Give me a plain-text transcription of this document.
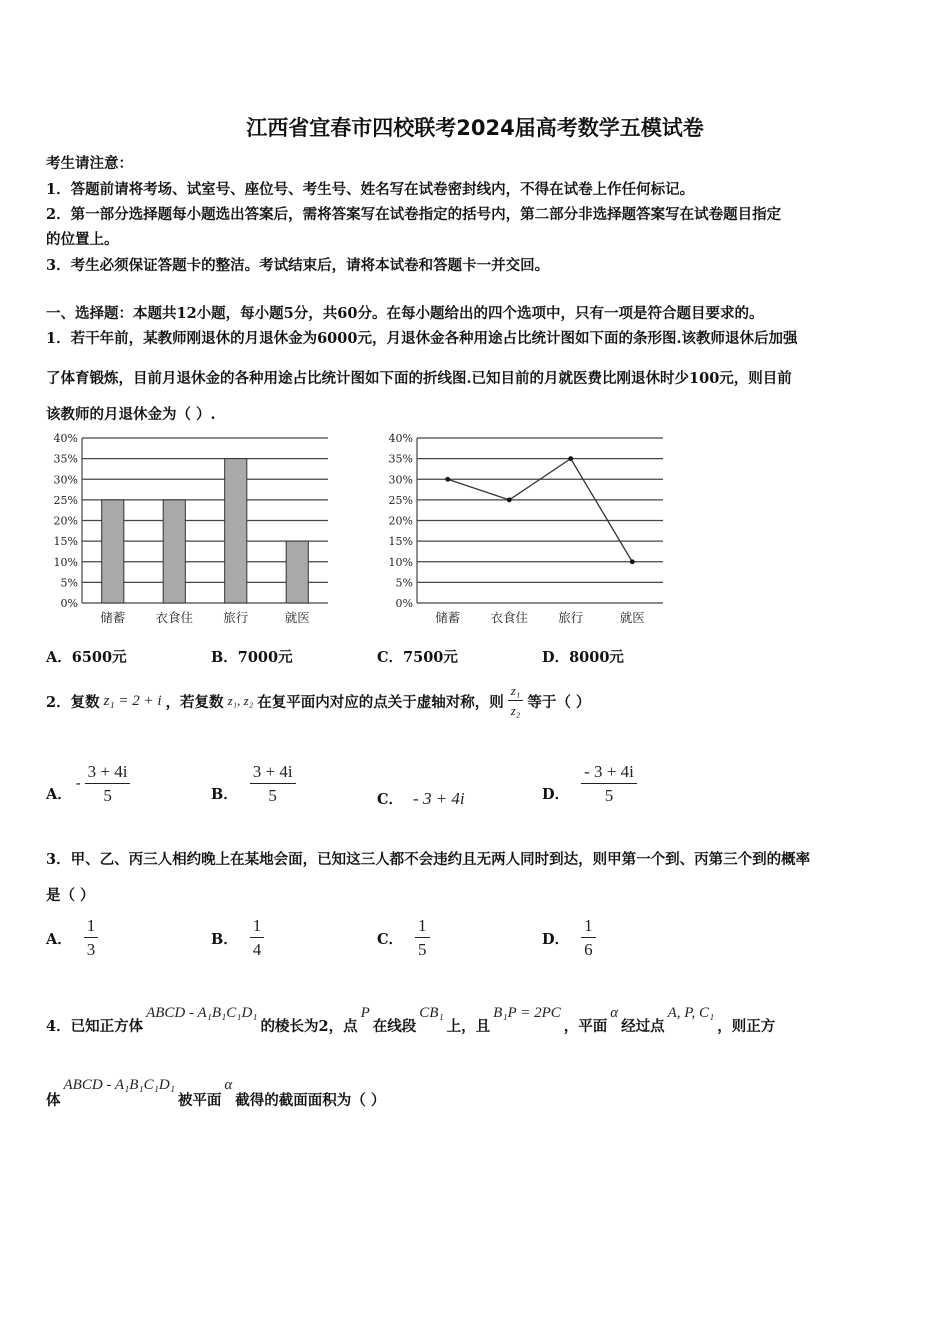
江西省宜春市四校联考2024届高考数学五模试卷
考生请注意：
1．答题前请将考场、试室号、座位号、考生号、姓名写在试卷密封线内，不得在试卷上作任何标记。
2．第一部分选择题每小题选出答案后，需将答案写在试卷指定的括号内，第二部分非选择题答案写在试卷题目指定
的位置上。
3．考生必须保证答题卡的整洁。考试结束后，请将本试卷和答题卡一并交回。
一、选择题：本题共12小题，每小题5分，共60分。在每小题给出的四个选项中，只有一项是符合题目要求的。
1．若干年前，某教师刚退休的月退休金为6000元，月退休金各种用途占比统计图如下面的条形图.该教师退休后加强
了体育锻炼，目前月退休金的各种用途占比统计图如下面的折线图.已知目前的月就医费比刚退休时少100元，则目前
该教师的月退休金为（ ）.
0%
5%
10%
15%
20%
25%
30%
35%
40%
储蓄 衣食住 旅行	就医
0%
5%
10%
15%
20%
25%
30%
35%
40%
储蓄 衣食住 旅行	就医
A．6500元	B．7000元	C．7500元	D．8000元
2．复数 z₁ = 2 + i ，若复数 z₁, z₂ 在复平面内对应的点关于虚轴对称，则 $\frac{\text{z₁}}{\text{z₂}}$ 等于（ ）
A．
- $\frac{3 + 4i}{5}$	B． $\frac{3 + 4i}{5}$	C． - 3 + 4i	D． $\frac{- 3 + 4i}{5}$
3．甲、乙、丙三人相约晚上在某地会面，已知这三人都不会违约且无两人同时到达，则甲第一个到、丙第三个到的概率
是（ ）
A． $\frac{1}{3}$	B． $\frac{1}{4}$	C． $\frac{1}{5}$	D． $\frac{1}{6}$
4．已知正方体
ABCD - A₁B₁C₁D₁
的棱长为2，点
P
在线段
CB₁
上，且
B₁P = 2PC
，平面
α
经过点
A, P, C₁
，则正方
体
ABCD - A₁B₁C₁D₁
被平面
α
截得的截面面积为（ ）
